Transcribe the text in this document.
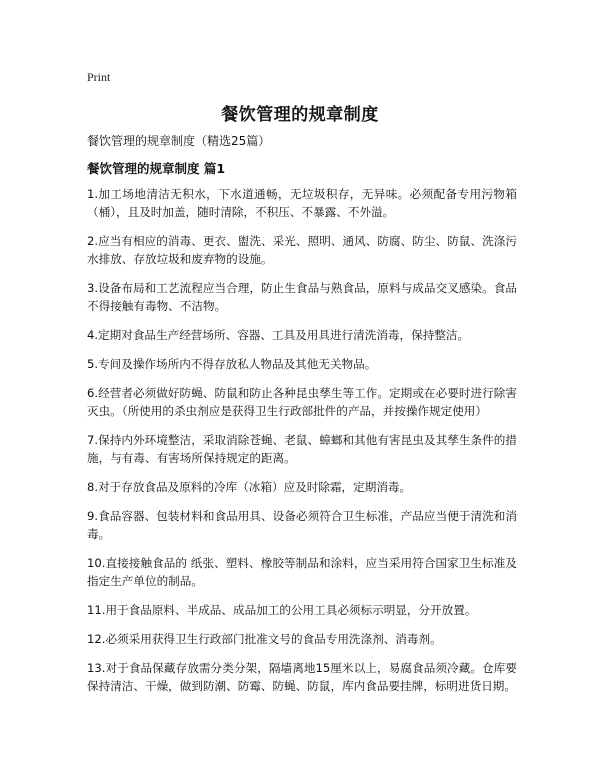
Print
餐饮管理的规章制度
餐饮管理的规章制度（精选25篇）
餐饮管理的规章制度 篇1
1.加工场地清洁无积水，下水道通畅，无垃圾积存，无异味。必须配备专用污物箱（桶），且及时加盖，随时清除，不积压、不暴露、不外溢。
2.应当有相应的消毒、更衣、盥洗、采光、照明、通风、防腐、防尘、防鼠、洗涤污水排放、存放垃圾和废弃物的设施。
3.设备布局和工艺流程应当合理，防止生食品与熟食品，原料与成品交叉感染。食品不得接触有毒物、不洁物。
4.定期对食品生产经营场所、容器、工具及用具进行清洗消毒，保持整洁。
5.专间及操作场所内不得存放私人物品及其他无关物品。
6.经营者必须做好防蝇、防鼠和防止各种昆虫孳生等工作。定期或在必要时进行除害灭虫。（所使用的杀虫剂应是获得卫生行政部批件的产品，并按操作规定使用）
7.保持内外环境整洁，采取消除苍蝇、老鼠、蟑螂和其他有害昆虫及其孳生条件的措施，与有毒、有害场所保持规定的距离。
8.对于存放食品及原料的冷库（冰箱）应及时除霜，定期消毒。
9.食品容器、包装材料和食品用具、设备必须符合卫生标准，产品应当便于清洗和消毒。
10.直接接触食品的 纸张、塑料、橡胶等制品和涂料，应当采用符合国家卫生标准及指定生产单位的制品。
11.用于食品原料、半成品、成品加工的公用工具必须标示明显，分开放置。
12.必须采用获得卫生行政部门批准文号的食品专用洗涤剂、消毒剂。
13.对于食品保藏存放需分类分架，隔墙离地15厘米以上，易腐食品须冷藏。仓库要 保持清洁、干燥，做到防潮、防霉、防蝇、防鼠，库内食品要挂牌，标明进货日期。
